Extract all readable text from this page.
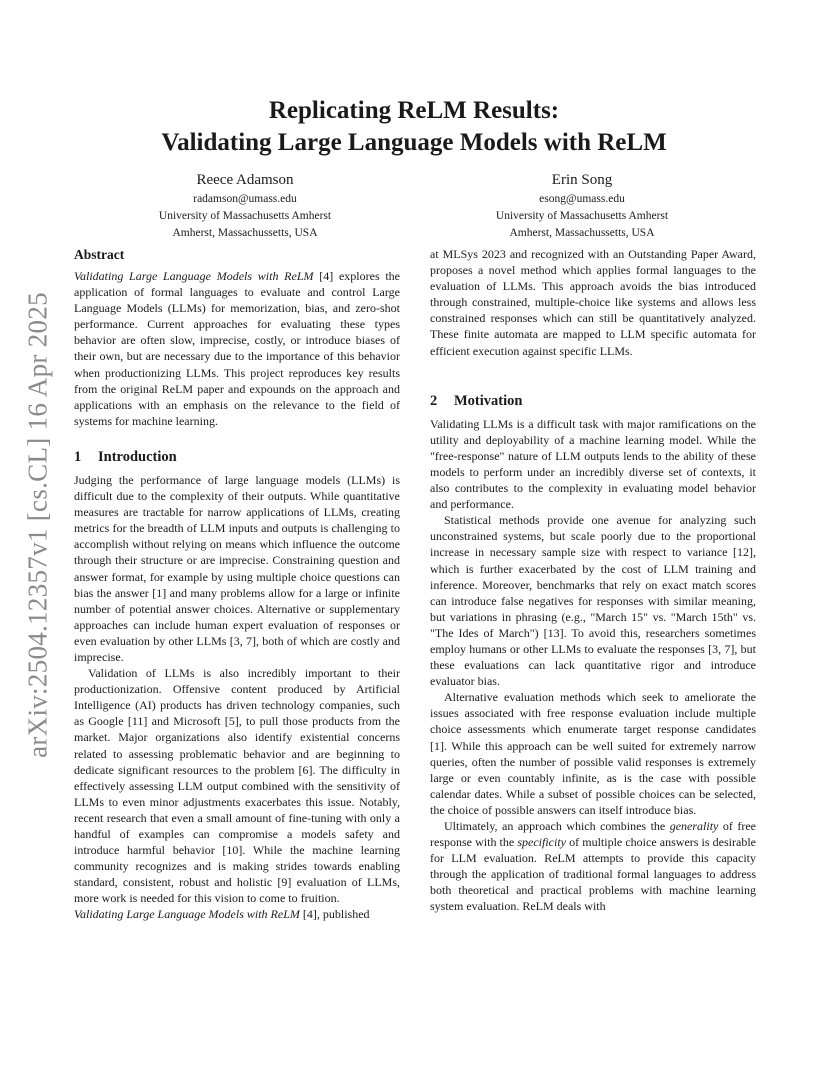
arXiv:2504.12357v1 [cs.CL] 16 Apr 2025
Replicating ReLM Results:
Validating Large Language Models with ReLM
Reece Adamson
radamson@umass.edu
University of Massachusetts Amherst
Amherst, Massachussetts, USA
Erin Song
esong@umass.edu
University of Massachusetts Amherst
Amherst, Massachussetts, USA
Abstract

Validating Large Language Models with ReLM [4] explores the application of formal languages to evaluate and control Large Language Models (LLMs) for memorization, bias, and zero-shot performance. Current approaches for evaluating these types behavior are often slow, imprecise, costly, or introduce biases of their own, but are necessary due to the importance of this behavior when productionizing LLMs. This project reproduces key results from the original ReLM paper and expounds on the approach and applications with an emphasis on the relevance to the field of systems for machine learning.

1 Introduction

Judging the performance of large language models (LLMs) is difficult due to the complexity of their outputs. While quantitative measures are tractable for narrow applications of LLMs, creating metrics for the breadth of LLM inputs and outputs is challenging to accomplish without relying on means which influence the outcome through their structure or are imprecise. Constraining question and answer format, for example by using multiple choice questions can bias the answer [1] and many problems allow for a large or infinite number of potential answer choices. Alternative or supplementary approaches can include human expert evaluation of responses or even evaluation by other LLMs [3, 7], both of which are costly and imprecise.

Validation of LLMs is also incredibly important to their productionization. Offensive content produced by Artificial Intelligence (AI) products has driven technology companies, such as Google [11] and Microsoft [5], to pull those products from the market. Major organizations also identify existential concerns related to assessing problematic behavior and are beginning to dedicate significant resources to the problem [6]. The difficulty in effectively assessing LLM output combined with the sensitivity of LLMs to even minor adjustments exacerbates this issue. Notably, recent research that even a small amount of fine-tuning with only a handful of examples can compromise a models safety and introduce harmful behavior [10]. While the machine learning community recognizes and is making strides towards enabling standard, consistent, robust and holistic [9] evaluation of LLMs, more work is needed for this vision to come to fruition.

Validating Large Language Models with ReLM [4], published

at MLSys 2023 and recognized with an Outstanding Paper Award, proposes a novel method which applies formal languages to the evaluation of LLMs. This approach avoids the bias introduced through constrained, multiple-choice like systems and allows less constrained responses which can still be quantitatively analyzed. These finite automata are mapped to LLM specific automata for efficient execution against specific LLMs.

2 Motivation

Validating LLMs is a difficult task with major ramifications on the utility and deployability of a machine learning model. While the "free-response" nature of LLM outputs lends to the ability of these models to perform under an incredibly diverse set of contexts, it also contributes to the complexity in evaluating model behavior and performance.

Statistical methods provide one avenue for analyzing such unconstrained systems, but scale poorly due to the proportional increase in necessary sample size with respect to variance [12], which is further exacerbated by the cost of LLM training and inference. Moreover, benchmarks that rely on exact match scores can introduce false negatives for responses with similar meaning, but variations in phrasing (e.g., "March 15" vs. "March 15th" vs. "The Ides of March") [13]. To avoid this, researchers sometimes employ humans or other LLMs to evaluate the responses [3, 7], but these evaluations can lack quantitative rigor and introduce evaluator bias.

Alternative evaluation methods which seek to ameliorate the issues associated with free response evaluation include multiple choice assessments which enumerate target response candidates [1]. While this approach can be well suited for extremely narrow queries, often the number of possible valid responses is extremely large or even countably infinite, as is the case with possible calendar dates. While a subset of possible choices can be selected, the choice of possible answers can itself introduce bias.

Ultimately, an approach which combines the generality of free response with the specificity of multiple choice answers is desirable for LLM evaluation. ReLM attempts to provide this capacity through the application of traditional formal languages to address both theoretical and practical problems with machine learning system evaluation. ReLM deals with
